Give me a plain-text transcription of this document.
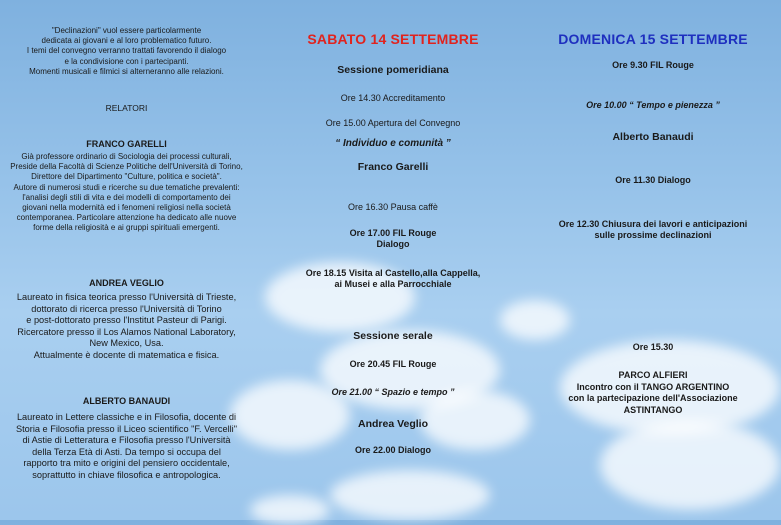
"Declinazioni" vuol essere particolarmente
dedicata ai giovani e al loro problematico futuro.
I temi del convegno verranno trattati favorendo il dialogo
e la condivisione con i partecipanti.
Momenti musicali e filmici si alterneranno alle relazioni.

RELATORI

FRANCO GARELLI

Già professore ordinario di Sociologia dei processi culturali,
Preside della Facoltà di Scienze Politiche dell'Università di Torino,
Direttore del Dipartimento "Culture, politica e società".
Autore di numerosi studi e ricerche su due tematiche prevalenti:
l'analisi degli stili di vita e dei modelli di comportamento dei
giovani nella modernità ed i fenomeni religiosi nella società
contemporanea. Particolare attenzione ha dedicato alle nuove
forme della religiosità e ai gruppi spirituali emergenti.

ANDREA VEGLIO

Laureato in fisica teorica presso l'Università di Trieste,
dottorato di ricerca presso l'Università di Torino
e post-dottorato presso l'Institut Pasteur di Parigi.
Ricercatore presso il Los Alamos National Laboratory,
New Mexico, Usa.
Attualmente è docente di matematica e fisica.

ALBERTO BANAUDI

Laureato in Lettere classiche e in Filosofia, docente di
Storia e Filosofia presso il Liceo scientifico "F. Vercelli"
di Astie di Letteratura e Filosofia presso l'Università
della Terza Età di Asti. Da tempo si occupa del
rapporto tra mito e origini del pensiero occidentale,
soprattutto in chiave filosofica e antropologica.

SABATO 14 SETTEMBRE

Sessione pomeridiana

Ore 14.30 Accreditamento

Ore 15.00 Apertura del Convegno

“ Individuo e comunità ”

Franco Garelli

Ore 16.30 Pausa caffè

Ore 17.00 FIL Rouge
Dialogo

Ore 18.15 Visita al Castello,alla Cappella,
ai Musei e alla Parrocchiale

Sessione serale

Ore 20.45 FIL Rouge

Ore 21.00 “ Spazio e tempo ”

Andrea Veglio

Ore 22.00 Dialogo

DOMENICA 15 SETTEMBRE

Ore 9.30 FIL Rouge

Ore 10.00 “ Tempo e pienezza ”

Alberto Banaudi

Ore 11.30 Dialogo

Ore 12.30 Chiusura dei lavori e anticipazioni
sulle prossime declinazioni

Ore 15.30

PARCO ALFIERI
Incontro con il TANGO ARGENTINO
con la partecipazione dell'Associazione
ASTINTANGO
